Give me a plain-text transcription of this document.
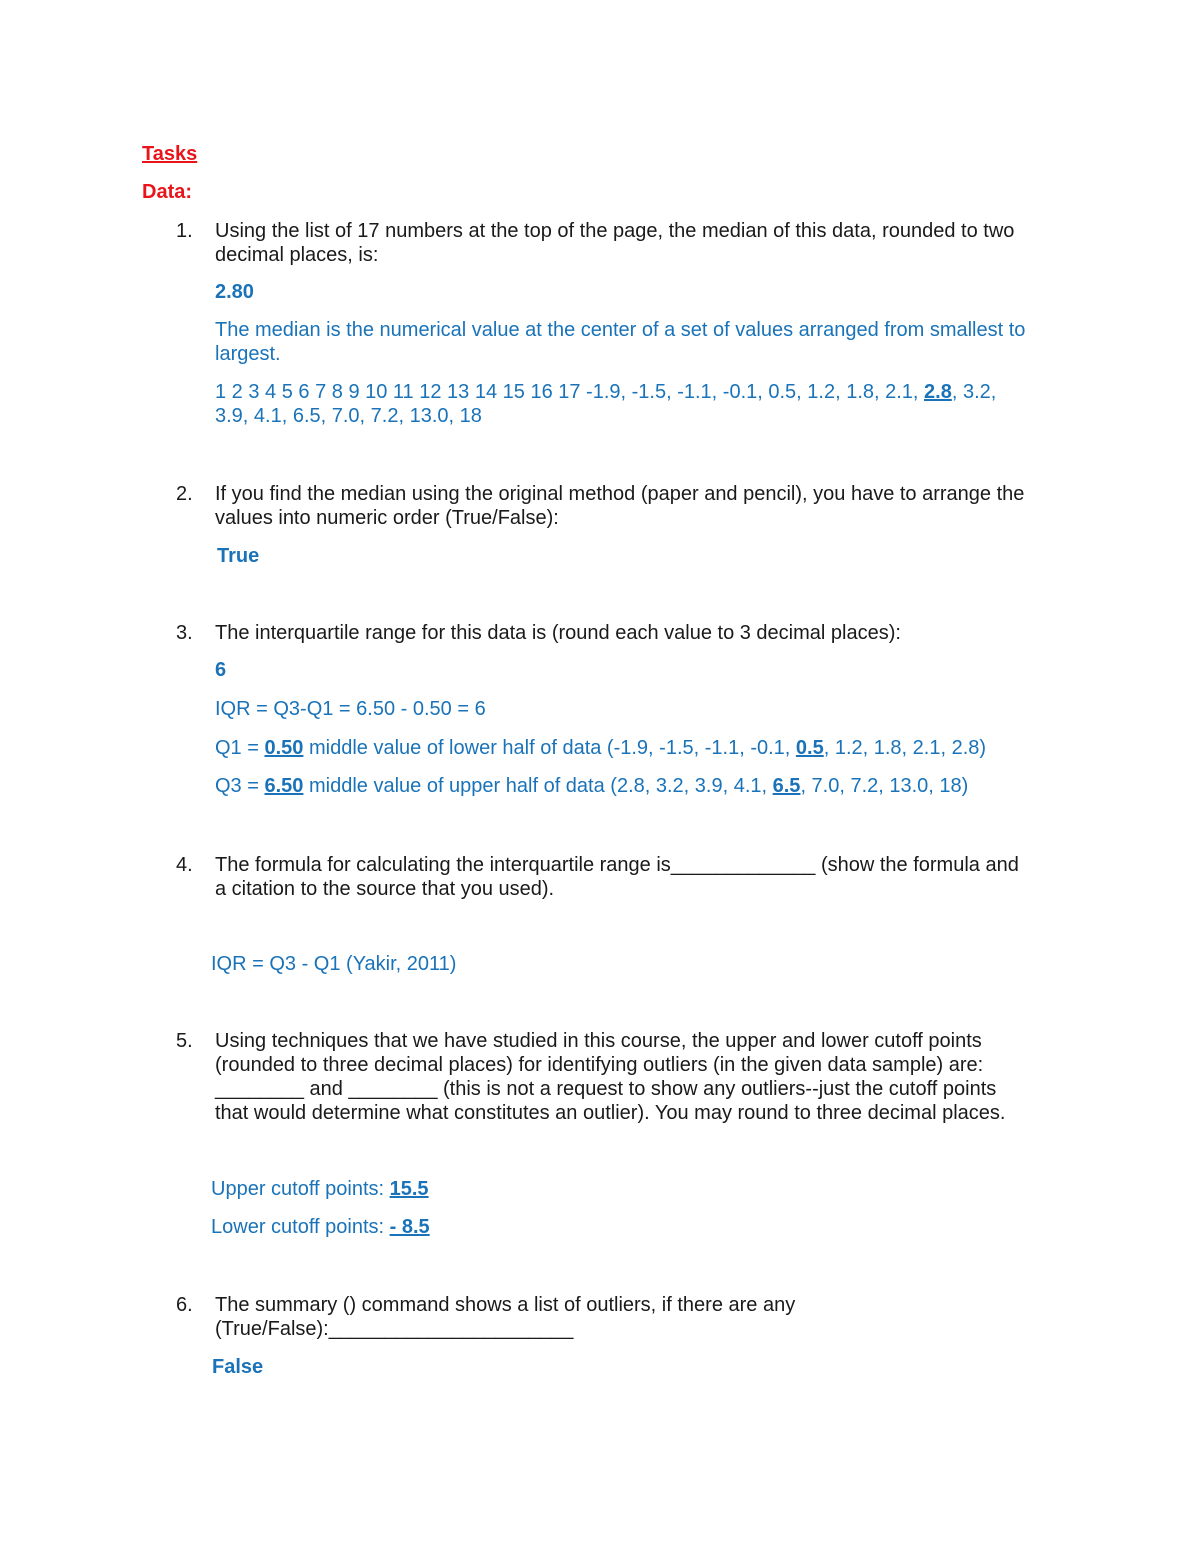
Tasks
Data:
1. Using the list of 17 numbers at the top of the page, the median of this data, rounded to two
decimal places, is:
2.80
The median is the numerical value at the center of a set of values arranged from smallest to
largest.
1 2 3 4 5 6 7 8 9 10 11 12 13 14 15 16 17 -1.9, -1.5, -1.1, -0.1, 0.5, 1.2, 1.8, 2.1, 2.8, 3.2,
3.9, 4.1, 6.5, 7.0, 7.2, 13.0, 18
2. If you find the median using the original method (paper and pencil), you have to arrange the
values into numeric order (True/False):
True
3. The interquartile range for this data is (round each value to 3 decimal places):
6
IQR = Q3-Q1 = 6.50 - 0.50 = 6
Q1 = 0.50 middle value of lower half of data (-1.9, -1.5, -1.1, -0.1, 0.5, 1.2, 1.8, 2.1, 2.8)
Q3 = 6.50 middle value of upper half of data (2.8, 3.2, 3.9, 4.1, 6.5, 7.0, 7.2, 13.0, 18)
4. The formula for calculating the interquartile range is_____________ (show the formula and
a citation to the source that you used).
IQR = Q3 - Q1 (Yakir, 2011)
5. Using techniques that we have studied in this course, the upper and lower cutoff points
(rounded to three decimal places) for identifying outliers (in the given data sample) are:
________ and ________ (this is not a request to show any outliers--just the cutoff points
that would determine what constitutes an outlier). You may round to three decimal places.
Upper cutoff points: 15.5
Lower cutoff points: - 8.5
6. The summary () command shows a list of outliers, if there are any
(True/False):______________________
False
